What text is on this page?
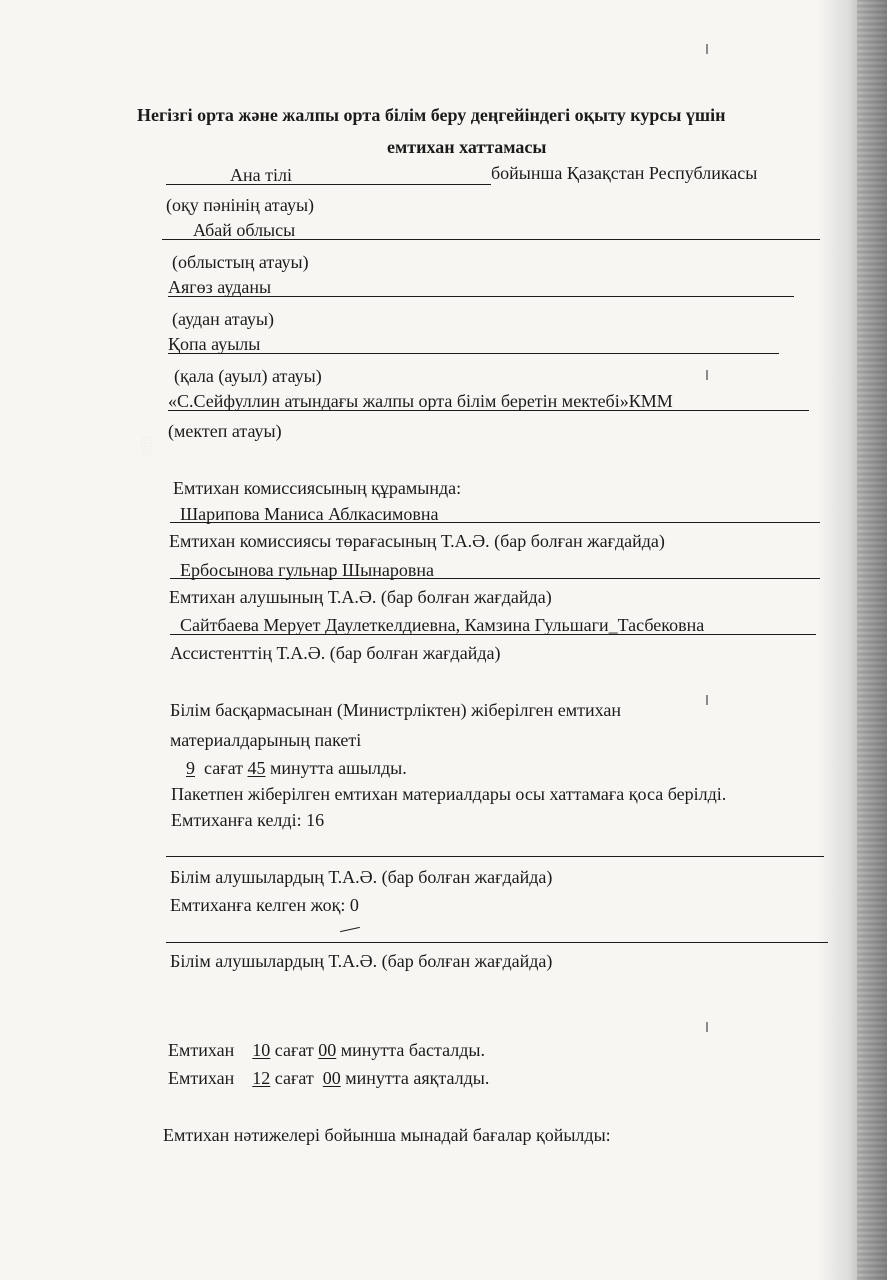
░
Негізгі орта және жалпы орта білім беру деңгейіндегі оқыту курсы үшін
емтихан хаттамасы
Ана тілі	бойынша Қазақстан Республикасы
(оқу пәнінің атауы)
Абай облысы
(облыстың атауы)
Аягөз ауданы
(аудан атауы)
Қопа ауылы
(қала (ауыл) атауы)
«С.Сейфуллин атындағы жалпы орта білім беретін мектебі»КММ
(мектеп атауы)
Емтихан комиссиясының құрамында:
Шарипова Маниса Аблкасимовна
Емтихан комиссиясы төрағасының Т.А.Ә. (бар болған жағдайда)
Ербосынова гульнар Шынаровна
Емтихан алушының Т.А.Ә. (бар болған жағдайда)
Сайтбаева Мерует Даулеткелдиевна, Камзина Гульшаги_Тасбековна
Ассистенттің Т.А.Ә. (бар болған жағдайда)
Білім басқармасынан (Министрліктен) жіберілген емтихан
материалдарының пакеті
9 сағат 45 минутта ашылды.
Пакетпен жіберілген емтихан материалдары осы хаттамаға қоса берілді.
Емтиханға келді: 16
Білім алушылардың Т.А.Ә. (бар болған жағдайда)
Емтиханға келген жоқ: 0
Білім алушылардың Т.А.Ә. (бар болған жағдайда)
Емтихан 10 сағат 00 минутта басталды.
Емтихан 12 сағат 00 минутта аяқталды.
Емтихан нәтижелері бойынша мынадай бағалар қойылды:
